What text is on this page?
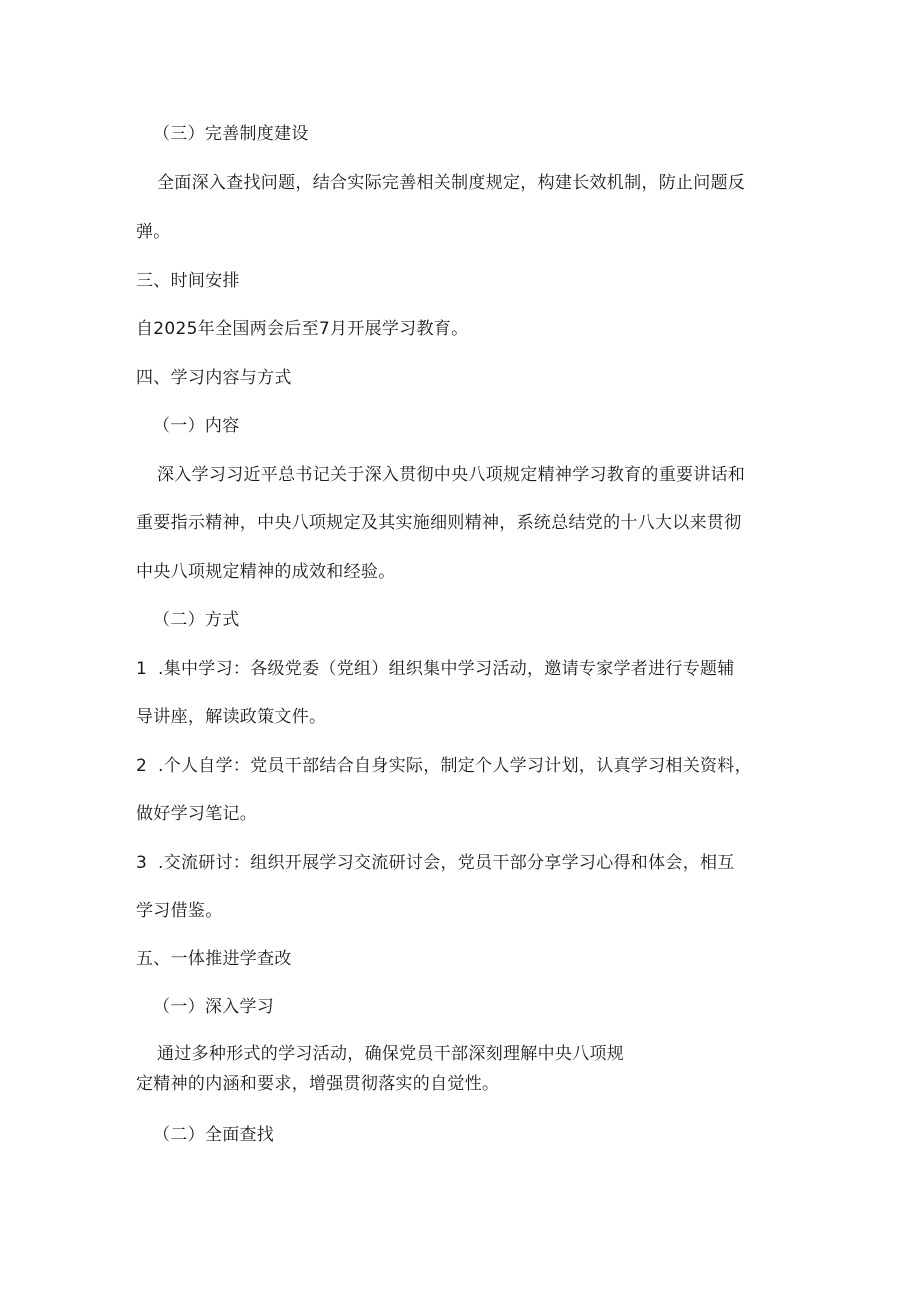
（三）完善制度建设
全面深入查找问题，结合实际完善相关制度规定，构建长效机制，防止问题反
弹。
三、时间安排
自2025年全国两会后至7月开展学习教育。
四、学习内容与方式
（一）内容
深入学习习近平总书记关于深入贯彻中央八项规定精神学习教育的重要讲话和
重要指示精神，中央八项规定及其实施细则精神，系统总结党的十八大以来贯彻
中央八项规定精神的成效和经验。
（二）方式
1 .集中学习：各级党委（党组）组织集中学习活动，邀请专家学者进行专题辅
导讲座，解读政策文件。
2 .个人自学：党员干部结合自身实际，制定个人学习计划，认真学习相关资料，
做好学习笔记。
3 .交流研讨：组织开展学习交流研讨会，党员干部分享学习心得和体会，相互
学习借鉴。
五、一体推进学查改
（一）深入学习
通过多种形式的学习活动，确保党员干部深刻理解中央八项规
定精神的内涵和要求，增强贯彻落实的自觉性。
（二）全面查找
